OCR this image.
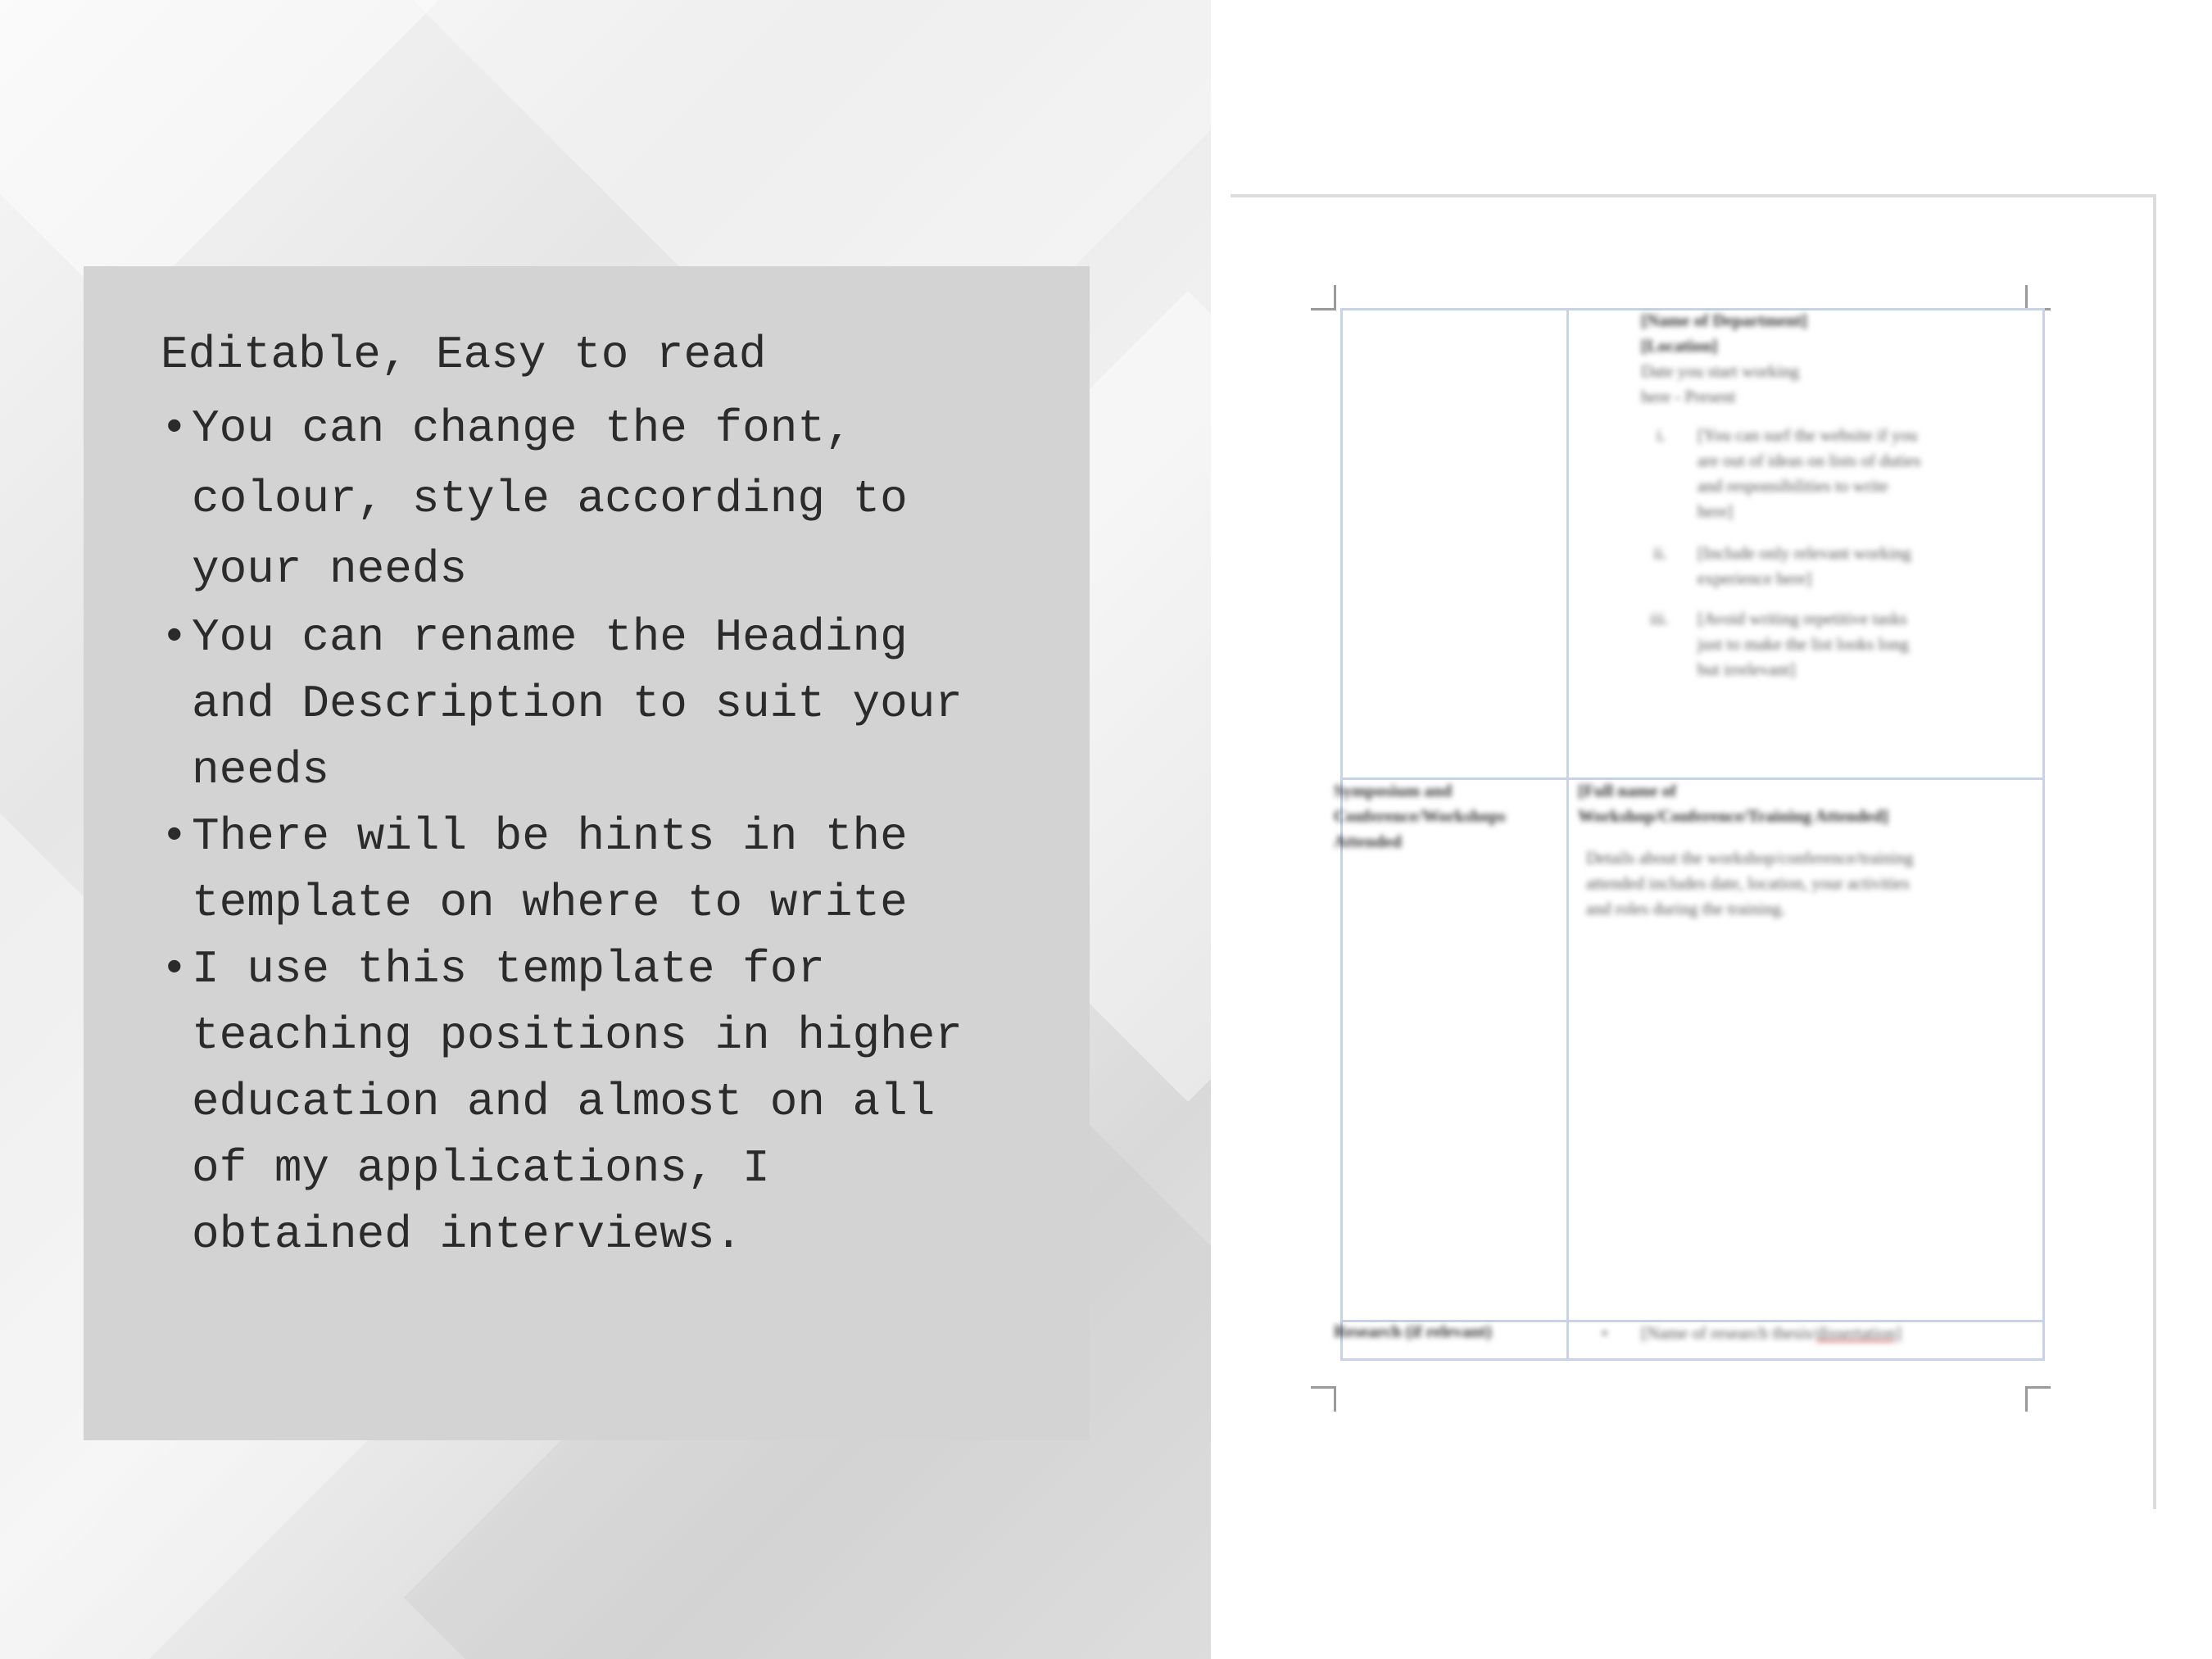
Editable, Easy to read
• You can change the font,
colour, style according to
your needs
• You can rename the Heading
and Description to suit your
needs
• There will be hints in the
template on where to write
• I use this template for
teaching positions in higher
education and almost on all
of my applications, I
obtained interviews.
[Name of Department]
[Location]
Date you start working
here - Present
i. [You can surf the website if you
are out of ideas on lists of duties
and responsibilities to write
here]
ii. [Include only relevant working
experience here]
iii. [Avoid writing repetitive tasks
just to make the list looks long
but irrelevant]
Symposium and
Conference/Workshops
Attended
[Full name of
Workshop/Conference/Training Attended]
Details about the workshop/conference/training
attended includes date, location, your activities
and roles during the training.
Research (if relevant)	• [Name of research thesis/dissertation]
